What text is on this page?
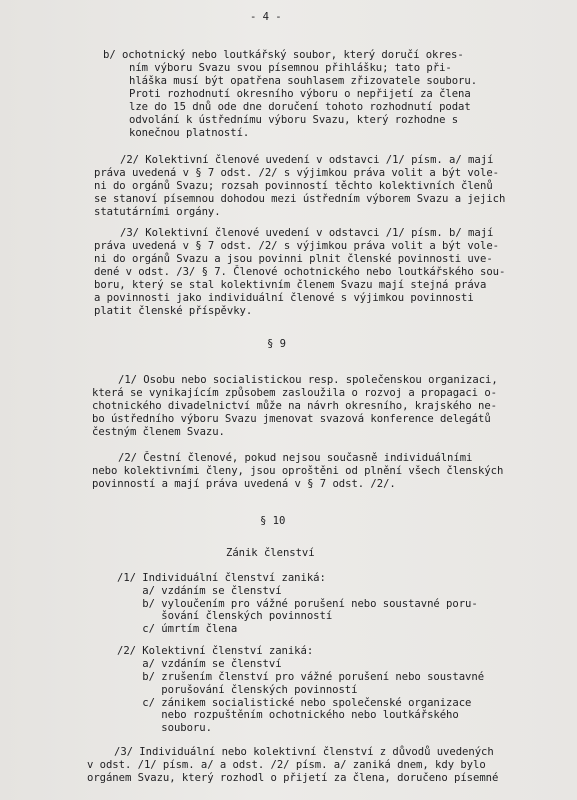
- 4 -
b/ ochotnický nebo loutkářský soubor, který doručí okres-
ním výboru Svazu svou písemnou přihlášku; tato při-
hláška musí být opatřena souhlasem zřizovatele souboru.
Proti rozhodnutí okresního výboru o nepřijetí za člena
lze do 15 dnů ode dne doručení tohoto rozhodnutí podat
odvolání k ústřednímu výboru Svazu, který rozhodne s
konečnou platností.
/2/ Kolektivní členové uvedení v odstavci /1/ písm. a/ mají
práva uvedená v § 7 odst. /2/ s výjimkou práva volit a být vole-
ni do orgánů Svazu; rozsah povinností těchto kolektivních členů
se stanoví písemnou dohodou mezi ústředním výborem Svazu a jejich
statutárními orgány.
/3/ Kolektivní členové uvedení v odstavci /1/ písm. b/ mají
práva uvedená v § 7 odst. /2/ s výjimkou práva volit a být vole-
ni do orgánů Svazu a jsou povinni plnit členské povinnosti uve-
dené v odst. /3/ § 7. Členové ochotnického nebo loutkářského sou-
boru, který se stal kolektivním členem Svazu mají stejná práva
a povinnosti jako individuální členové s výjimkou povinnosti
platit členské příspěvky.
§ 9
/1/ Osobu nebo socialistickou resp. společenskou organizaci,
která se vynikajícím způsobem zasloužila o rozvoj a propagaci o-
chotnického divadelnictví může na návrh okresního, krajského ne-
bo ústředního výboru Svazu jmenovat svazová konference delegátů
čestným členem Svazu.
/2/ Čestní členové, pokud nejsou současně individuálními
nebo kolektivními členy, jsou oproštěni od plnění všech členských
povinností a mají práva uvedená v § 7 odst. /2/.
§ 10
Zánik členství
/1/ Individuální členství zaniká:
a/ vzdáním se členství
b/ vyloučením pro vážné porušení nebo soustavné poru-
šování členských povinností
c/ úmrtím člena
/2/ Kolektivní členství zaniká:
a/ vzdáním se členství
b/ zrušením členství pro vážné porušení nebo soustavné
porušování členských povinností
c/ zánikem socialistické nebo společenské organizace
nebo rozpuštěním ochotnického nebo loutkářského
souboru.
/3/ Individuální nebo kolektivní členství z důvodů uvedených
v odst. /1/ písm. a/ a odst. /2/ písm. a/ zaniká dnem, kdy bylo
orgánem Svazu, který rozhodl o přijetí za člena, doručeno písemné
